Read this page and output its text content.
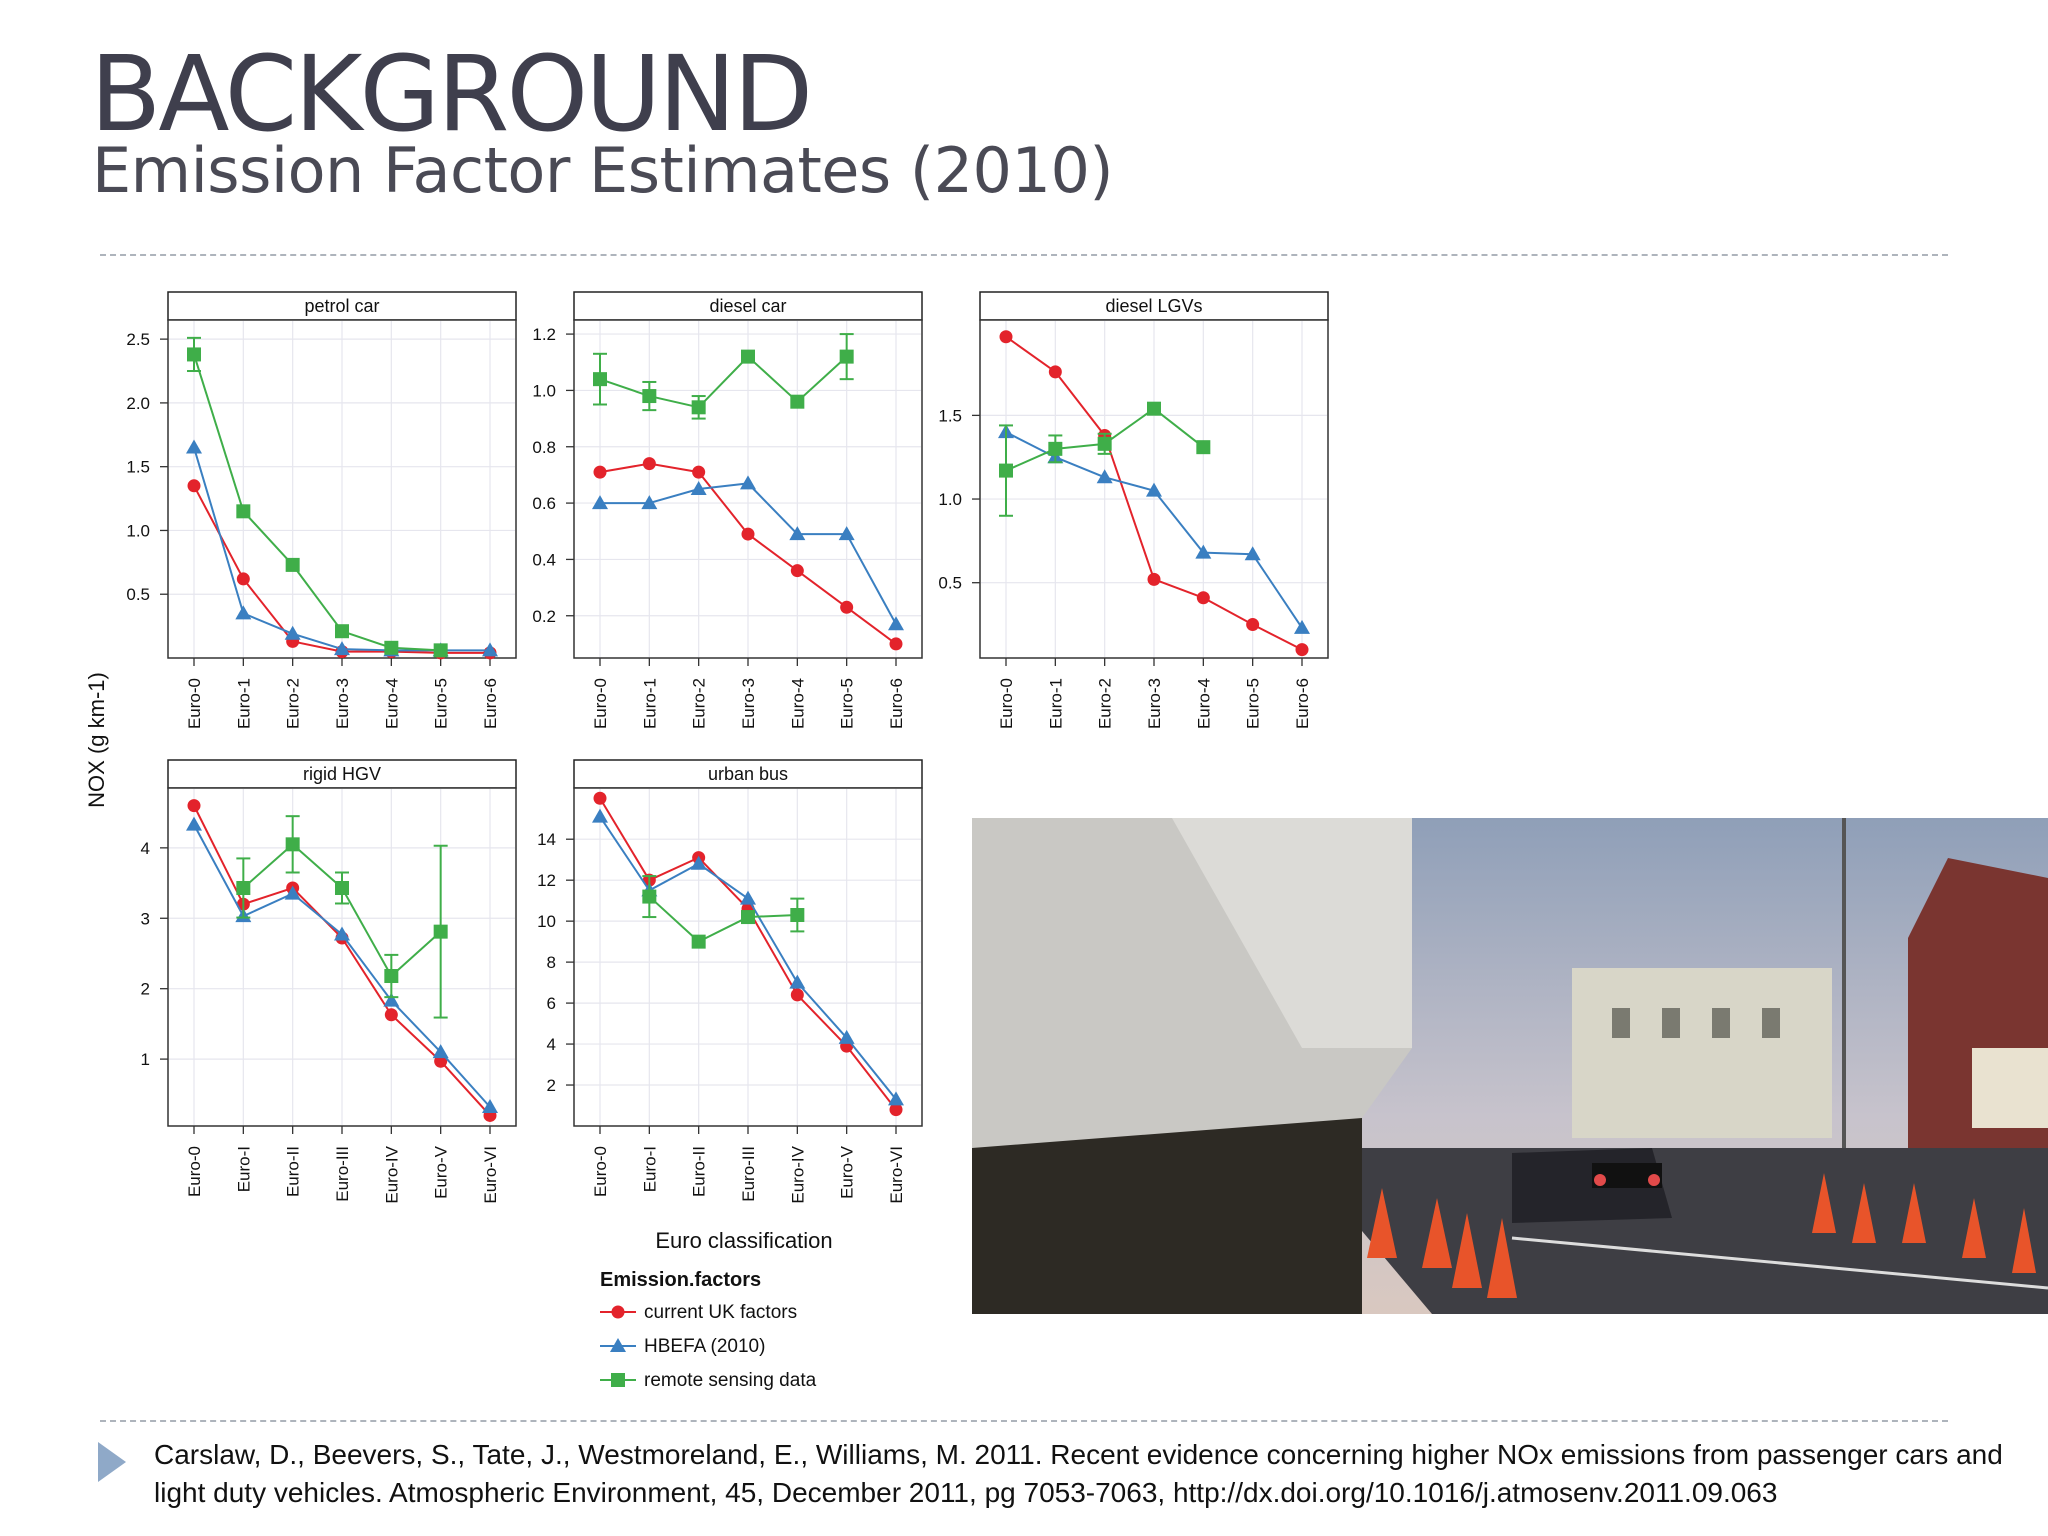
BACKGROUND
Emission Factor Estimates (2010)
petrol car
0.5
1.0
1.5
2.0
2.5
Euro-0 Euro-1 Euro-2 Euro-3 Euro-4 Euro-5 Euro-6
diesel car
0.2
0.4
0.6
0.8
1.0
1.2
Euro-0 Euro-1 Euro-2 Euro-3 Euro-4 Euro-5 Euro-6
diesel LGVs
0.5
1.0
1.5
Euro-0 Euro-1 Euro-2 Euro-3 Euro-4 Euro-5 Euro-6
rigid HGV
1
2
3
4
Euro-0 Euro-I Euro-II Euro-III Euro-IV Euro-V Euro-VI
urban bus
2
4
6
8
10
12
14
Euro-0 Euro-I Euro-II Euro-III Euro-IV Euro-V Euro-VI
NOX (g km-1)
Euro classification
Emission.factors
current UK factors
HBEFA (2010)
remote sensing data

Carslaw, D., Beevers, S., Tate, J., Westmoreland, E., Williams, M. 2011. Recent evidence concerning higher NOx emissions from passenger cars and light duty vehicles. Atmospheric Environment, 45, December 2011, pg 7053-7063, http://dx.doi.org/10.1016/j.atmosenv.2011.09.063
